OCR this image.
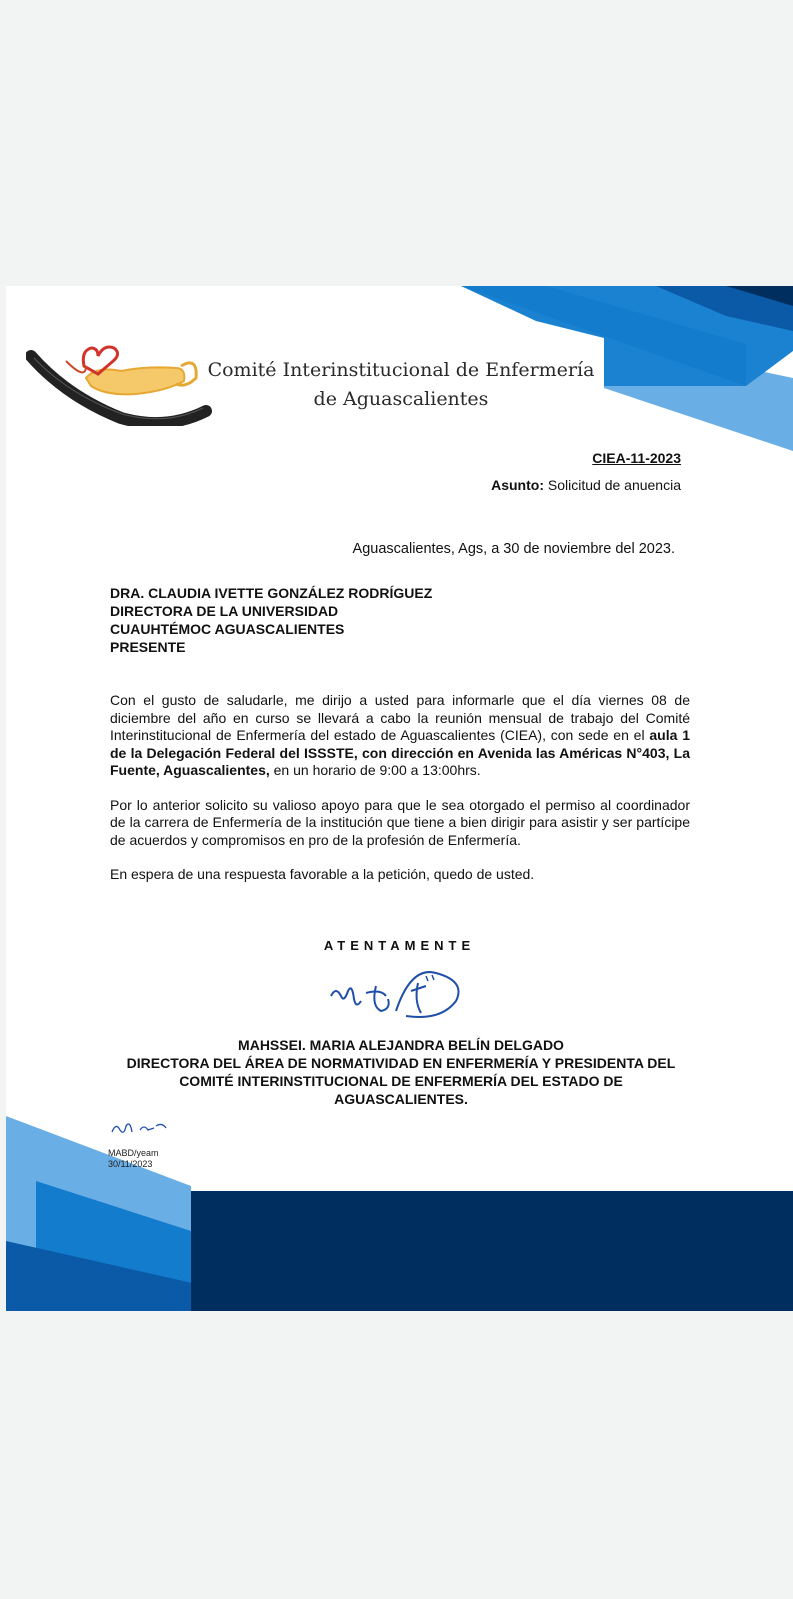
Comité Interinstitucional de Enfermería
de Aguascalientes
CIEA-11-2023
Asunto: Solicitud de anuencia
Aguascalientes, Ags, a 30 de noviembre del 2023.
DRA. CLAUDIA IVETTE GONZÁLEZ RODRÍGUEZ
DIRECTORA DE LA UNIVERSIDAD
CUAUHTÉMOC AGUASCALIENTES
PRESENTE

Con el gusto de saludarle, me dirijo a usted para informarle que el día viernes 08 de diciembre del año en curso se llevará a cabo la reunión mensual de trabajo del Comité Interinstitucional de Enfermería del estado de Aguascalientes (CIEA), con sede en el aula 1 de la Delegación Federal del ISSSTE, con dirección en Avenida las Américas N°403, La Fuente, Aguascalientes, en un horario de 9:00 a 13:00hrs.

Por lo anterior solicito su valioso apoyo para que le sea otorgado el permiso al coordinador de la carrera de Enfermería de la institución que tiene a bien dirigir para asistir y ser partícipe de acuerdos y compromisos en pro de la profesión de Enfermería.

En espera de una respuesta favorable a la petición, quedo de usted.

ATENTAMENTE
MAHSSEI. MARIA ALEJANDRA BELÍN DELGADO
DIRECTORA DEL ÁREA DE NORMATIVIDAD EN ENFERMERÍA Y PRESIDENTA DEL
COMITÉ INTERINSTITUCIONAL DE ENFERMERÍA DEL ESTADO DE
AGUASCALIENTES.
MABD/yeam
30/11/2023
